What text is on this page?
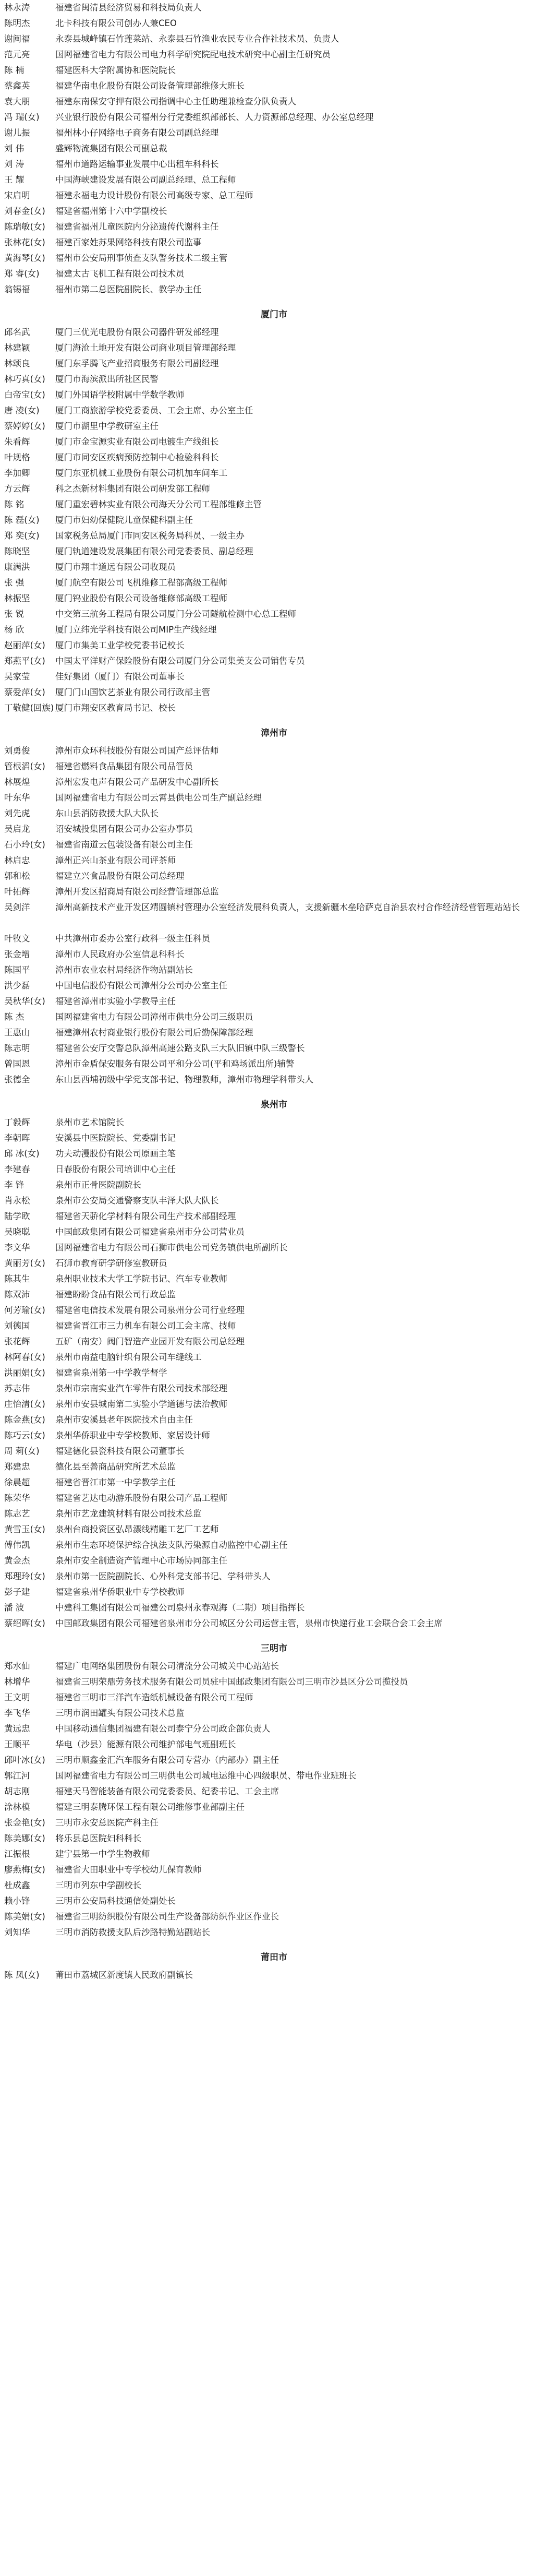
林永涛	福建省闽清县经济贸易和科技局负责人
陈明杰	北卡科技有限公司创办人兼CEO
谢闽福	永泰县城峰镇石竹莲菜站、永泰县石竹渔业农民专业合作社技术员、负责人
范元亮	国网福建省电力有限公司电力科学研究院配电技术研究中心副主任研究员
陈 楠	福建医科大学附属协和医院院长
蔡鑫英	福建华南电化股份有限公司设备管理部维修大班长
袁大朋	福建东南保安守押有限公司指调中心主任助理兼检查分队负责人
冯 瑞(女)	兴业银行股份有限公司福州分行党委组织部部长、人力资源部总经理、办公室总经理
谢儿振	福州林小仔网络电子商务有限公司副总经理
刘 伟	盛辉物流集团有限公司副总裁
刘 涛	福州市道路运输事业发展中心出租车科科长
王 耀	中国海峡建设发展有限公司副总经理、总工程师
宋启明	福建永福电力设计股份有限公司高级专家、总工程师
刘春金(女)	福建省福州第十六中学副校长
陈瑞敏(女)	福建省福州儿童医院内分泌遗传代谢科主任
张林花(女)	福建百家姓苏果网络科技有限公司监事
黄海琴(女)	福州市公安局刑事侦查支队警务技术二级主管
郑 睿(女)	福建太古飞机工程有限公司技术员
翁锡福	福州市第二总医院副院长、教学办主任
厦门市
邱名武	厦门三优光电股份有限公司器件研发部经理
林建颖	厦门海沧土地开发有限公司商业项目管理部经理
林颂良	厦门东孚腾飞产业招商服务有限公司副经理
林巧真(女)	厦门市海滨派出所社区民警
白帝宝(女)	厦门外国语学校附属中学数学教师
唐 凌(女)	厦门工商旅游学校党委委员、工会主席、办公室主任
蔡婷婷(女)	厦门市湖里中学教研室主任
朱看辉	厦门市金宝源实业有限公司电镀生产线组长
叶规格	厦门市同安区疾病预防控制中心检验科科长
李加卿	厦门东亚机械工业股份有限公司机加车间车工
方云辉	科之杰新材料集团有限公司研发部工程师
陈 铭	厦门重宏碧林实业有限公司海天分公司工程部维修主管
陈 磊(女)	厦门市妇幼保健院儿童保健科副主任
郑 奕(女)	国家税务总局厦门市同安区税务局科员、一级主办
陈晓坚	厦门轨道建设发展集团有限公司党委委员、副总经理
康满洪	厦门市翔丰道远有限公司收现员
张 强	厦门航空有限公司飞机维修工程部高级工程师
林振坚	厦门钨业股份有限公司设备维修部高级工程师
张 锐	中交第三航务工程局有限公司厦门分公司隧航检测中心总工程师
杨 欣	厦门立纬光学科技有限公司MIP生产线经理
赵丽萍(女)	厦门市集美工业学校党委书记校长
郑燕平(女)	中国太平洋财产保险股份有限公司厦门分公司集美支公司销售专员
吴家莹	佳好集团（厦门）有限公司董事长
蔡爱萍(女)	厦门门山国饮艺茶业有限公司行政部主管
丁敬健(回族) 厦门市翔安区教育局书记、校长
漳州市
刘勇俊	漳州市众环科技股份有限公司国产总评估师
管根滔(女)	福建省燃料食品集团有限公司品管员
林展煌	漳州宏发电声有限公司产品研发中心副所长
叶东华	国网福建省电力有限公司云霄县供电公司生产副总经理
刘先虎	东山县消防救援大队大队长
吴启龙	诏安城投集团有限公司办公室办事员
石小玲(女)	福建省南道云包装设备有限公司主任
林启忠	漳州正兴山茶业有限公司评茶师
郭和松	福建立兴食品股份有限公司总经理
叶拓辉	漳州开发区招商局有限公司经营管理部总监
吴剑洋	漳州高新技术产业开发区靖圆镇村管理办公室经济发展科负责人，支援新疆木垒哈萨克自治县农村合作经济经营管理站站长
叶牧文	中共漳州市委办公室行政科一级主任科员
张金增	漳州市人民政府办公室信息科科长
陈国平	漳州市农业农村局经济作物站副站长
洪少磊	中国电信股份有限公司漳州分公司办公室主任
吴秋华(女)	福建省漳州市实验小学教导主任
陈 杰	国网福建省电力有限公司漳州市供电分公司三级职员
王惠山	福建漳州农村商业银行股份有限公司后勤保障部经理
陈志明	福建省公安厅交警总队漳州高速公路支队三大队旧镇中队三级警长
曾国恩	漳州市金盾保安服务有限公司平和分公司(平和鸡场派出所)辅警
张德全	东山县西埔初级中学党支部书记、物理教师，漳州市物理学科带头人
泉州市
丁毅辉	泉州市艺术馆院长
李朝晖	安溪县中医院院长、党委副书记
邱 冰(女)	功夫动漫股份有限公司原画主笔
李建春	日春股份有限公司培训中心主任
李 锋	泉州市正骨医院副院长
肖永松	泉州市公安局交通警察支队丰泽大队大队长
陆学欧	福建省天骄化学材料有限公司生产技术部副经理
吴晓聪	中国邮政集团有限公司福建省泉州市分公司营业员
李文华	国网福建省电力有限公司石狮市供电公司党务镇供电所副所长
黄丽芳(女)	石狮市教育研学研修室教研员
陈其生	泉州职业技术大学工学院书记、汽车专业教师
陈双沛	福建盼盼食品有限公司行政总监
何芳瑜(女)	福建省电信技术发展有限公司泉州分公司行业经理
刘德国	福建省晋江市三力机车有限公司工会主席、技师
张花辉	五矿（南安）阀门智造产业园开发有限公司总经理
林阿春(女)	泉州市南益电脑针织有限公司车缝线工
洪丽娟(女)	福建省泉州第一中学教学督学
苏志伟	泉州市宗南实业汽车零件有限公司技术部经理
庄怡清(女)	泉州市安县城南第二实验小学道德与法治教师
陈金燕(女)	泉州市安溪县老年医院技术自由主任
陈巧云(女)	泉州华侨职业中专学校教师、家居设计师
周 莉(女)	福建德化县瓷科技有限公司董事长
郑建忠	德化县至善商品研究所艺术总监
徐晨超	福建省晋江市第一中学教学主任
陈荣华	福建省艺达电动游乐股份有限公司产品工程师
陈志艺	泉州市艺龙建筑材料有限公司技术总监
黄雪玉(女)	泉州台商投资区弘昂漂线精雕工艺厂工艺师
傅伟凯	泉州市生态环境保护综合执法支队污染源自动监控中心副主任
黄金杰	泉州市安全制造资产管理中心市场协同部主任
郑理玲(女)	泉州市第一医院副院长、心外科党支部书记、学科带头人
彭子建	福建省泉州华侨职业中专学校教师
潘 波	中建科工集团有限公司福建公司泉州永春观海（二期）项目指挥长
蔡绍晖(女)	中国邮政集团有限公司福建省泉州市分公司城区分公司运营主管，泉州市快递行业工会联合会工会主席
三明市
郑水仙	福建广电网络集团股份有限公司清流分公司城关中心站站长
林增华	福建省三明荣鼎劳务技术服务有限公司员驻中国邮政集团有限公司三明市沙县区分公司揽投员
王文明	福建省三明市三洋汽车造纸机械设备有限公司工程师
李飞华	三明市润田罐头有限公司技术总监
黄远忠	中国移动通信集团福建有限公司泰宁分公司政企部负责人
王顺平	华电（沙县）能源有限公司维护部电气班副班长
邱叶冰(女)	三明市顺鑫金汇汽车服务有限公司专营办（内部办）副主任
郭江河	国网福建省电力有限公司三明供电公司城电运维中心四级职员、带电作业班班长
胡志刚	福建天马智能装备有限公司党委委员、纪委书记、工会主席
涂林模	福建三明泰腾环保工程有限公司维修事业部副主任
张金艳(女)	三明市永安总医院产科主任
陈美娜(女)	将乐县总医院妇科科长
江振根	建宁县第一中学生物教师
廖燕梅(女)	福建省大田职业中专学校幼儿保育教师
杜成鑫	三明市列东中学副校长
赖小锋	三明市公安局科技通信处副处长
陈美娟(女)	福建省三明纺织股份有限公司生产设备部纺织作业区作业长
刘知华	三明市消防救援支队后沙路特勤站副站长
莆田市
陈 凤(女)	莆田市荔城区新度镇人民政府副镇长
